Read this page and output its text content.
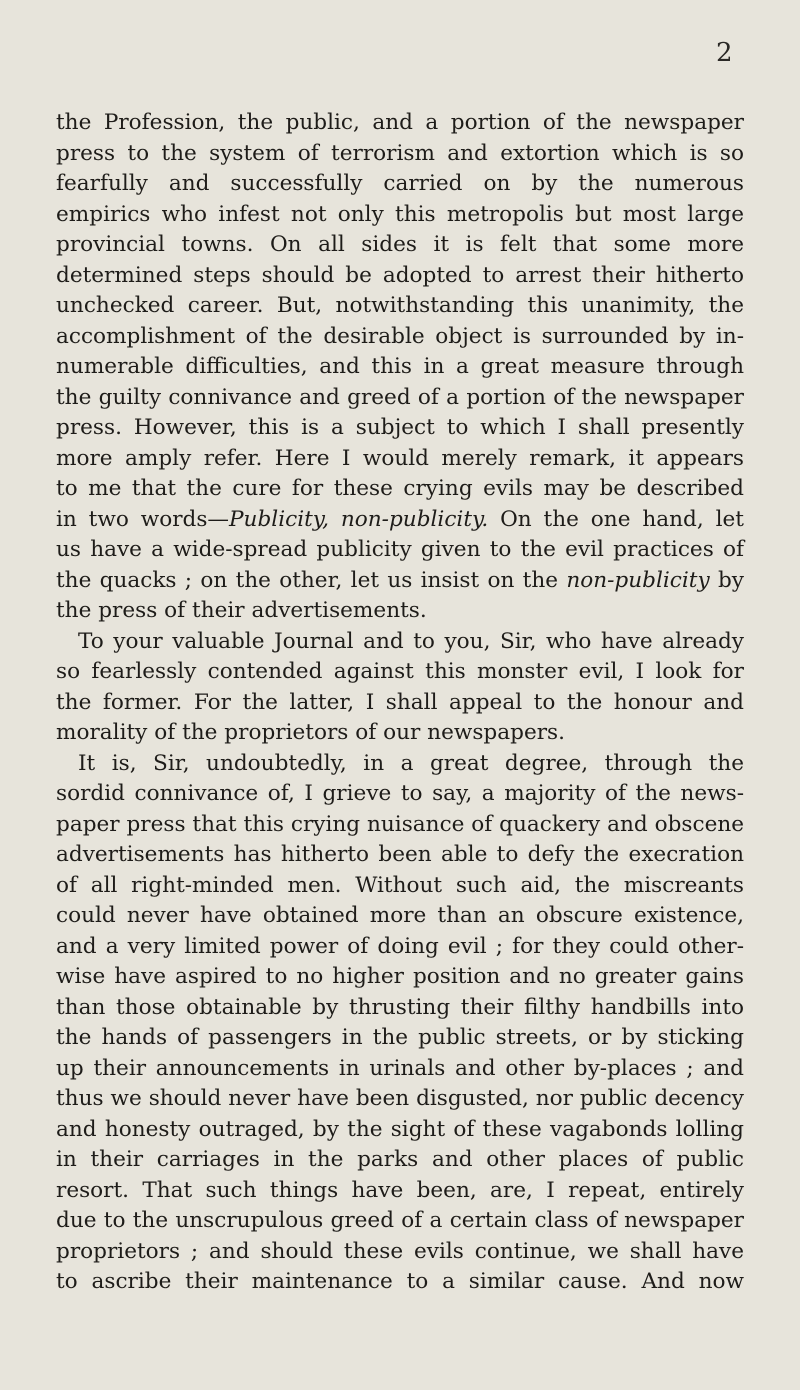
2
the Profession, the public, and a portion of the newspaper
press to the system of terrorism and extortion which is so
fearfully and successfully carried on by the numerous
empirics who infest not only this metropolis but most large
provincial towns. On all sides it is felt that some more
determined steps should be adopted to arrest their hitherto
unchecked career. But, notwithstanding this unanimity, the
accomplishment of the desirable object is surrounded by in-
numerable difficulties, and this in a great measure through
the guilty connivance and greed of a portion of the newspaper
press. However, this is a subject to which I shall presently
more amply refer. Here I would merely remark, it appears
to me that the cure for these crying evils may be described
in two words—Publicity, non-publicity. On the one hand, let
us have a wide-spread publicity given to the evil practices of
the quacks ; on the other, let us insist on the non-publicity by
the press of their advertisements.
To your valuable Journal and to you, Sir, who have already
so fearlessly contended against this monster evil, I look for
the former. For the latter, I shall appeal to the honour and
morality of the proprietors of our newspapers.
It is, Sir, undoubtedly, in a great degree, through the
sordid connivance of, I grieve to say, a majority of the news-
paper press that this crying nuisance of quackery and obscene
advertisements has hitherto been able to defy the execration
of all right-minded men. Without such aid, the miscreants
could never have obtained more than an obscure existence,
and a very limited power of doing evil ; for they could other-
wise have aspired to no higher position and no greater gains
than those obtainable by thrusting their filthy handbills into
the hands of passengers in the public streets, or by sticking
up their announcements in urinals and other by-places ; and
thus we should never have been disgusted, nor public decency
and honesty outraged, by the sight of these vagabonds lolling
in their carriages in the parks and other places of public
resort. That such things have been, are, I repeat, entirely
due to the unscrupulous greed of a certain class of newspaper
proprietors ; and should these evils continue, we shall have
to ascribe their maintenance to a similar cause. And now
